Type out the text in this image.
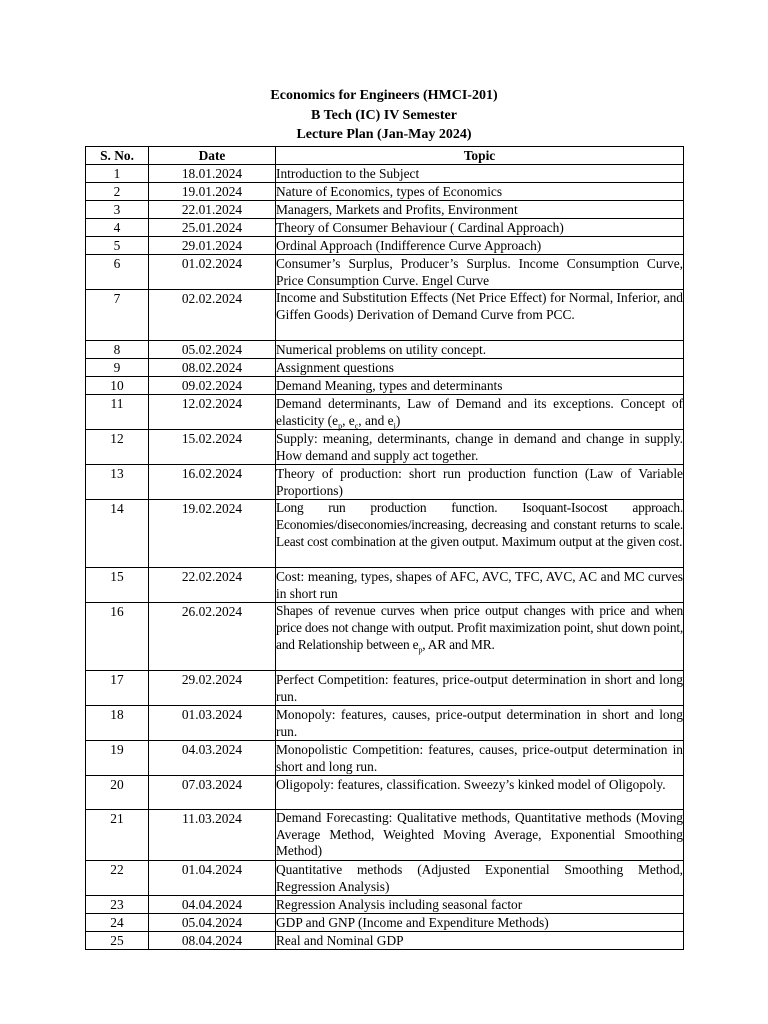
Economics for Engineers (HMCI-201)
B Tech (IC) IV Semester
Lecture Plan (Jan-May 2024)
S. No.	Date	Topic
1	18.01.2024	Introduction to the Subject
2	19.01.2024	Nature of Economics, types of Economics
3	22.01.2024	Managers, Markets and Profits, Environment
4	25.01.2024	Theory of Consumer Behaviour ( Cardinal Approach)
5	29.01.2024	Ordinal Approach (Indifference Curve Approach)
6	01.02.2024	Consumer’s Surplus, Producer’s Surplus. Income Consumption Curve, Price Consumption Curve. Engel Curve
7	02.02.2024	Income and Substitution Effects (Net Price Effect) for Normal, Inferior, and Giffen Goods) Derivation of Demand Curve from PCC.
8	05.02.2024	Numerical problems on utility concept.
9	08.02.2024	Assignment questions
10	09.02.2024	Demand Meaning, types and determinants
11	12.02.2024	Demand determinants, Law of Demand and its exceptions. Concept of elasticity ($e_p$, $e_c$, and $e_i$)
12	15.02.2024	Supply: meaning, determinants, change in demand and change in supply. How demand and supply act together.
13	16.02.2024	Theory of production: short run production function (Law of Variable Proportions)
14	19.02.2024	Long run production function. Isoquant-Isocost approach. Economies/diseconomies/increasing, decreasing and constant returns to scale. Least cost combination at the given output. Maximum output at the given cost.
15	22.02.2024	Cost: meaning, types, shapes of AFC, AVC, TFC, AVC, AC and MC curves in short run
16	26.02.2024	Shapes of revenue curves when price output changes with price and when price does not change with output. Profit maximization point, shut down point, and Relationship between $e_p$, AR and MR.
17	29.02.2024	Perfect Competition: features, price-output determination in short and long run.
18	01.03.2024	Monopoly: features, causes, price-output determination in short and long run.
19	04.03.2024	Monopolistic Competition: features, causes, price-output determination in short and long run.
20	07.03.2024	Oligopoly: features, classification. Sweezy’s kinked model of Oligopoly.
21	11.03.2024	Demand Forecasting: Qualitative methods, Quantitative methods (Moving Average Method, Weighted Moving Average, Exponential Smoothing Method)
22	01.04.2024	Quantitative methods (Adjusted Exponential Smoothing Method, Regression Analysis)
23	04.04.2024	Regression Analysis including seasonal factor
24	05.04.2024	GDP and GNP (Income and Expenditure Methods)
25	08.04.2024	Real and Nominal GDP
